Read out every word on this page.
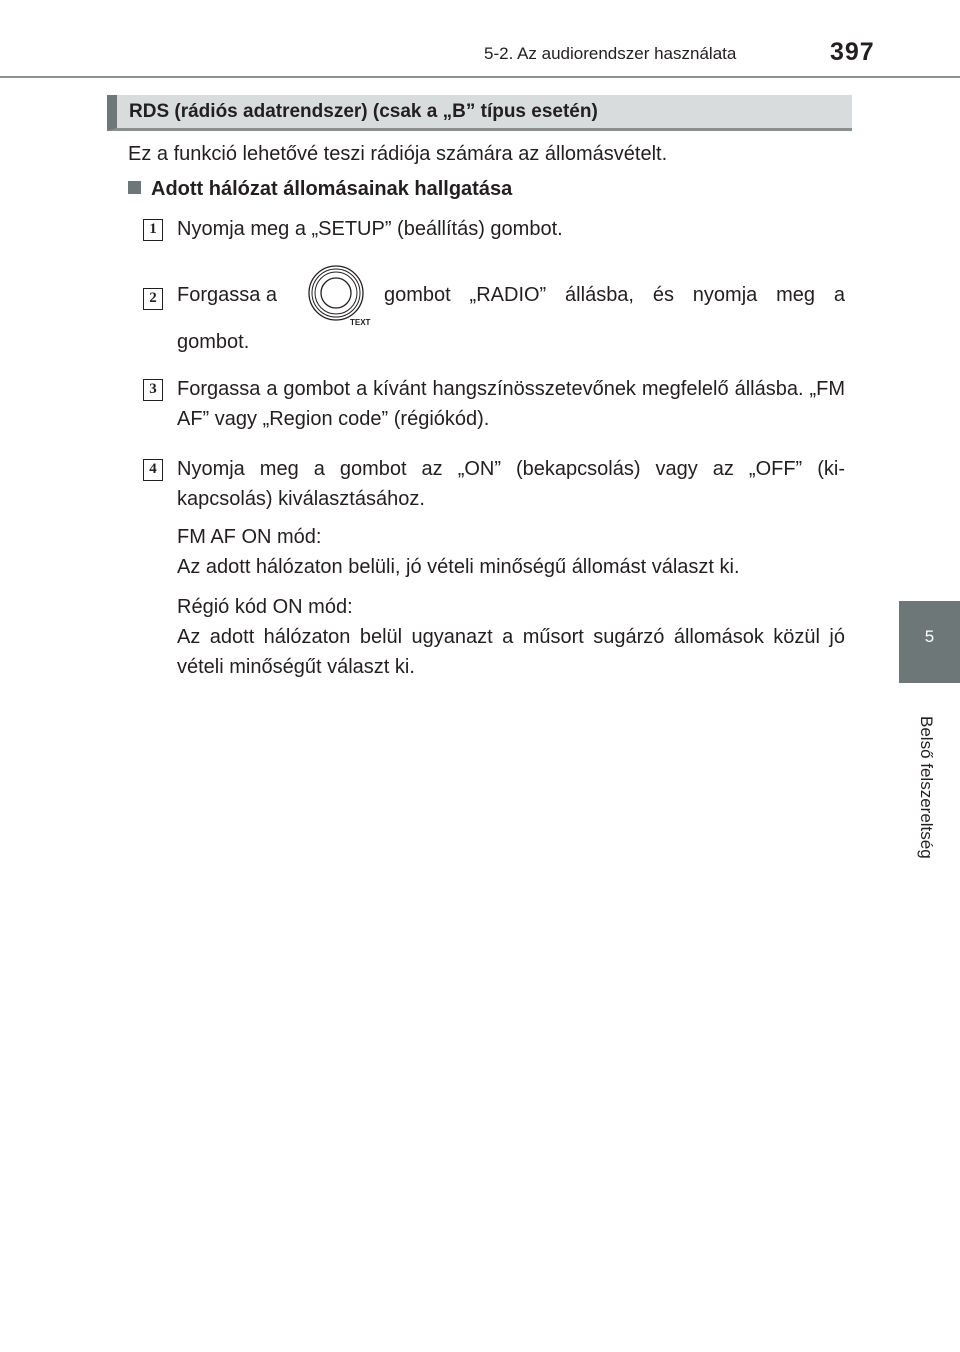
5-2. Az audiorendszer használata	397
5
Belső felszereltség
RDS (rádiós adatrendszer) (csak a „B” típus esetén)
Ez a funkció lehetővé teszi rádiója számára az állomásvételt.
Adott hálózat állomásainak hallgatása
1	Nyomja meg a „SETUP” (beállítás) gombot.
2	Forgassa a
TEXT
gombot „RADIO” állásba, és nyomja meg a
gombot.
3	Forgassa a gombot a kívánt hangszínösszetevőnek megfelelő állásba. „FM AF” vagy „Region code” (régiókód).
4	Nyomja meg a gombot az „ON” (bekapcsolás) vagy az „OFF” (ki- kapcsolás) kiválasztásához.
FM AF ON mód:
Az adott hálózaton belüli, jó vételi minőségű állomást választ ki.
Régió kód ON mód:
Az adott hálózaton belül ugyanazt a műsort sugárzó állomások közül jó vételi minőségűt választ ki.
